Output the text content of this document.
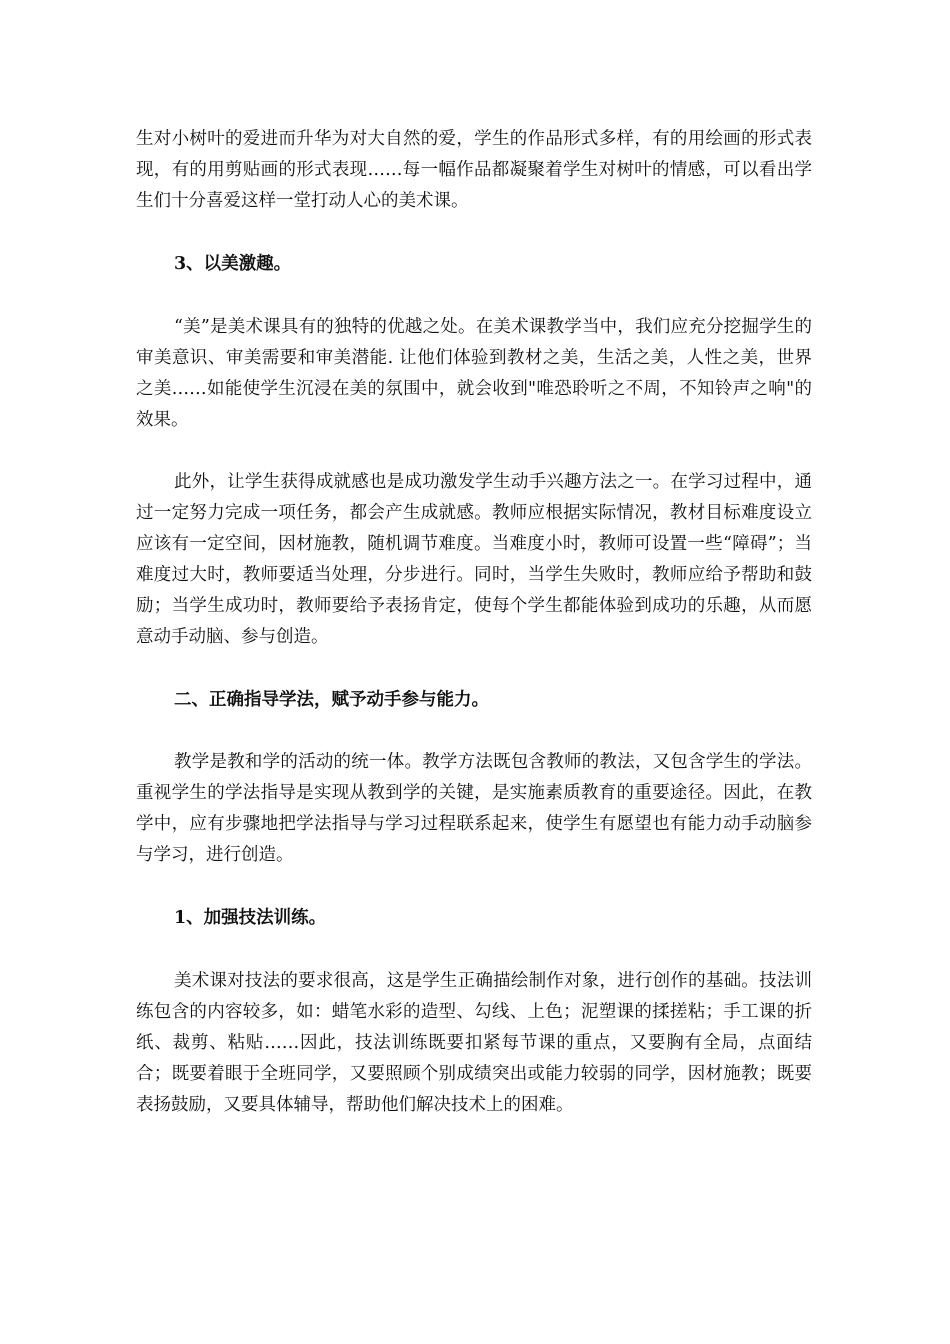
生对小树叶的爱进而升华为对大自然的爱，学生的作品形式多样，有的用绘画的形式表现，有的用剪贴画的形式表现……每一幅作品都凝聚着学生对树叶的情感，可以看出学生们十分喜爱这样一堂打动人心的美术课。

3、以美激趣。

“美”是美术课具有的独特的优越之处。在美术课教学当中，我们应充分挖掘学生的审美意识、审美需要和审美潜能. 让他们体验到教材之美，生活之美，人性之美，世界之美……如能使学生沉浸在美的氛围中，就会收到"唯恐聆听之不周，不知铃声之响"的效果。

此外，让学生获得成就感也是成功激发学生动手兴趣方法之一。在学习过程中，通过一定努力完成一项任务，都会产生成就感。教师应根据实际情况，教材目标难度设立应该有一定空间，因材施教，随机调节难度。当难度小时，教师可设置一些“障碍”；当难度过大时，教师要适当处理，分步进行。同时，当学生失败时，教师应给予帮助和鼓励；当学生成功时，教师要给予表扬肯定，使每个学生都能体验到成功的乐趣，从而愿意动手动脑、参与创造。

二、正确指导学法，赋予动手参与能力。

教学是教和学的活动的统一体。教学方法既包含教师的教法，又包含学生的学法。重视学生的学法指导是实现从教到学的关键，是实施素质教育的重要途径。因此，在教学中，应有步骤地把学法指导与学习过程联系起来，使学生有愿望也有能力动手动脑参与学习，进行创造。

1、加强技法训练。

美术课对技法的要求很高，这是学生正确描绘制作对象，进行创作的基础。技法训练包含的内容较多，如：蜡笔水彩的造型、勾线、上色；泥塑课的揉搓粘；手工课的折纸、裁剪、粘贴……因此，技法训练既要扣紧每节课的重点，又要胸有全局，点面结合；既要着眼于全班同学，又要照顾个别成绩突出或能力较弱的同学，因材施教；既要表扬鼓励，又要具体辅导，帮助他们解决技术上的困难。
